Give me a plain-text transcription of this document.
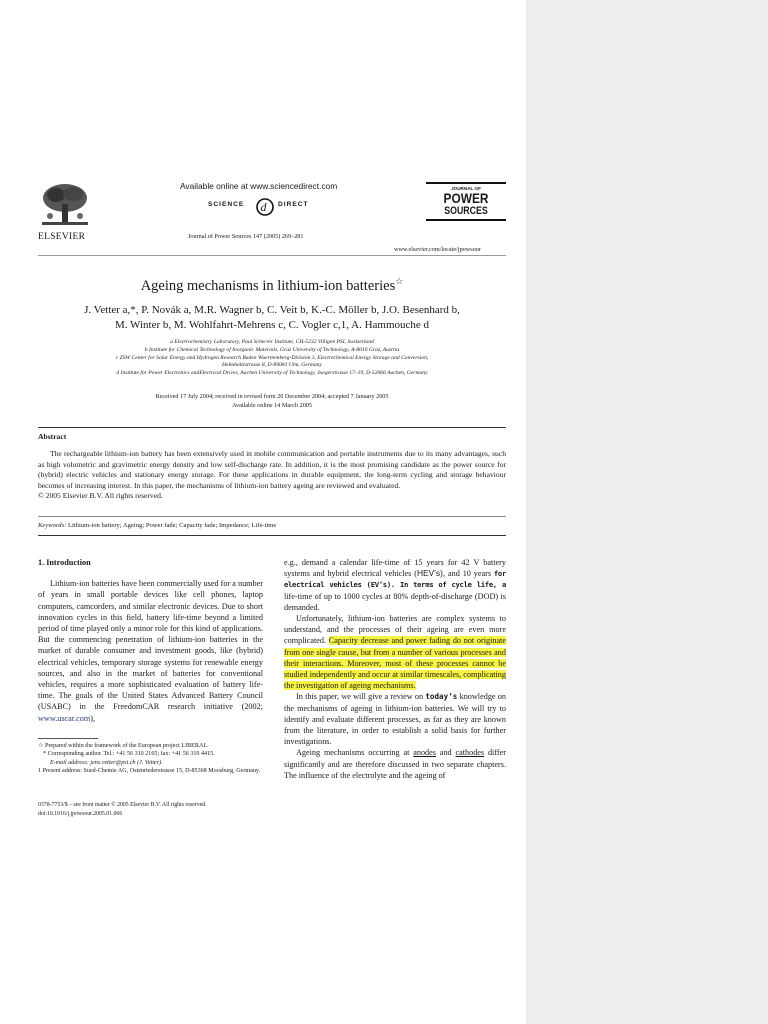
ELSEVIER
Available online at www.sciencedirect.com
SCIENCE d DIRECT
Journal of Power Sources 147 (2005) 269–281
JOURNAL OF
POWER
SOURCES
www.elsevier.com/locate/jpowsour
Ageing mechanisms in lithium-ion batteries☆
J. Vetter a,*, P. Novák a, M.R. Wagner b, C. Veit b, K.-C. Möller b, J.O. Besenhard b,
M. Winter b, M. Wohlfahrt-Mehrens c, C. Vogler c,1, A. Hammouche d
a Electrochemistry Laboratory, Paul Scherrer Institute, CH-5232 Villigen PSI, Switzerland
b Institute for Chemical Technology of Inorganic Materials, Graz University of Technology, A-8010 Graz, Austria
c ZSW Center for Solar Energy and Hydrogen Research Baden Wuerttemberg-Division 3, Electrochemical Energy Storage and Conversion,
Helmholtzstrasse 8, D-89081 Ulm, Germany
d Institute for Power Electronics andElectrical Drives, Aachen University of Technology, Jaegerstrasse 17–19, D-52066 Aachen, Germany
Received 17 July 2004; received in revised form 20 December 2004; accepted 7 January 2005
Available online 14 March 2005
Abstract

The rechargeable lithium-ion battery has been extensively used in mobile communication and portable instruments due to its many advantages, such as high volumetric and gravimetric energy density and low self-discharge rate. In addition, it is the most promising candidate as the power source for (hybrid) electric vehicles and stationary energy storage. For these applications in durable equipment, the long-term cycling and storage behaviour becomes of increasing interest. In this paper, the mechanisms of lithium-ion battery ageing are reviewed and evaluated.

© 2005 Elsevier B.V. All rights reserved.
Keywords: Lithium-ion battery; Ageing; Power fade; Capacity fade; Impedance; Life-time
1. Introduction

Lithium-ion batteries have been commercially used for a number of years in small portable devices like cell phones, laptop computers, camcorders, and similar electronic devices. Due to short innovation cycles in this field, battery life-time beyond a limited period of time played only a minor role for this kind of applications. But the commencing penetration of lithium-ion batteries in the market of durable consumer and investment goods, like (hybrid) electrical vehicles, temporary storage systems for renewable energy sources, and also in the market of batteries for conventional vehicles, requires a more sophisticated evaluation of battery life-time. The goals of the United States Advanced Battery Council (USABC) in the FreedomCAR research initiative (2002; www.uscar.com),

☆ Prepared within the framework of the European project LIBERAL.
* Corresponding author. Tel.: +41 56 310 2165; fax: +41 56 310 4415.
E-mail address: jens.vetter@psi.ch (J. Vetter).
1 Present address: Sued-Chemie AG, Ostenriederstrasse 15, D-85368 Moosburg, Germany.
0378-7753/$ – see front matter © 2005 Elsevier B.V. All rights reserved.
doi:10.1016/j.jpowsour.2005.01.006

e.g., demand a calendar life-time of 15 years for 42 V battery systems and hybrid electrical vehicles (HEV’s), and 10 years for electrical vehicles (EV’s). In terms of cycle life, a life-time of up to 1000 cycles at 80% depth-of-discharge (DOD) is demanded.

Unfortunately, lithium-ion batteries are complex systems to understand, and the processes of their ageing are even more complicated. Capacity decrease and power fading do not originate from one single cause, but from a number of various processes and their interactions. Moreover, most of these processes cannot be studied independently and occur at similar timescales, complicating the investigation of ageing mechanisms.

In this paper, we will give a review on today’s knowledge on the mechanisms of ageing in lithium-ion batteries. We will try to identify and evaluate different processes, as far as they are known from the literature, in order to establish a solid basis for further investigations.

Ageing mechanisms occurring at anodes and cathodes differ significantly and are therefore discussed in two separate chapters. The influence of the electrolyte and the ageing of
